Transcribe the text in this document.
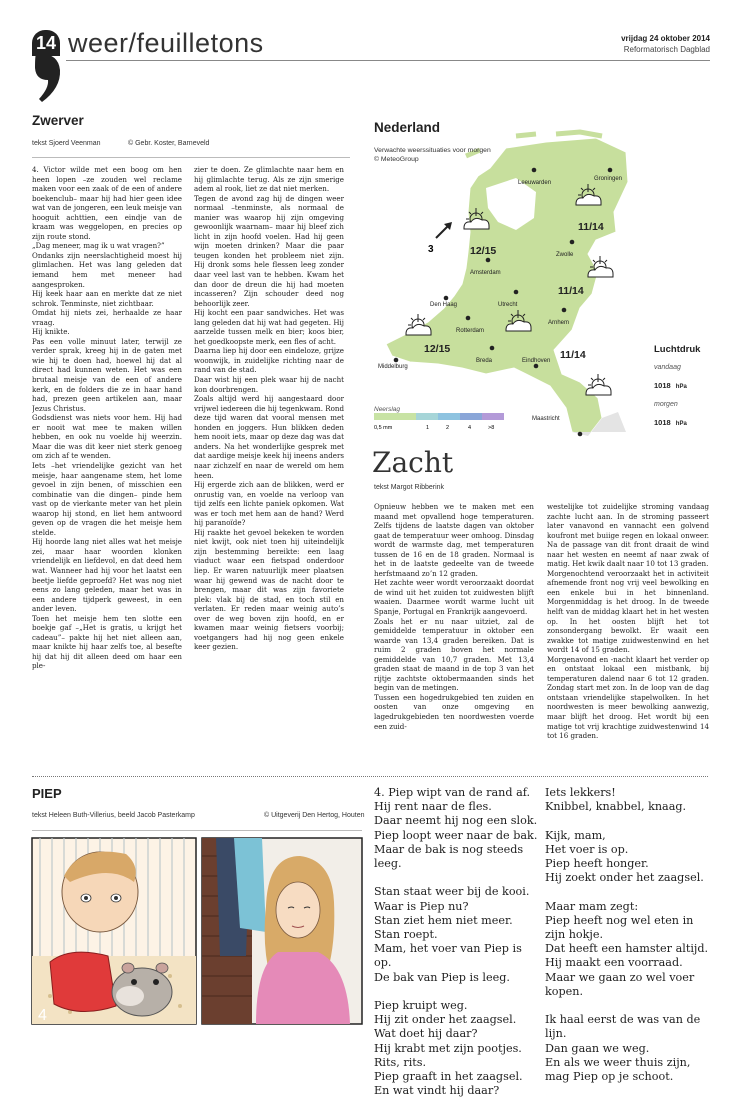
14 weer/feuilletons	vrijdag 24 oktober 2014
Reformatorisch Dagblad
Zwerver
tekst Sjoerd Veenman	© Gebr. Koster, Barneveld
4. Victor wilde met een boog om hen heen lopen –ze zouden wel reclame maken voor een zaak of de een of andere boekenclub– maar hij had hier geen idee wat van de jongeren, een leuk meisje van hooguit achttien, een eindje van de kraam was weggelopen, en precies op zijn route stond.
„Dag meneer, mag ik u wat vragen?”
Ondanks zijn neerslachtigheid moest hij glimlachen. Het was lang geleden dat iemand hem met meneer had aangesproken.
Hij keek haar aan en merkte dat ze niet schrok. Tenminste, niet zichtbaar.
Omdat hij niets zei, herhaalde ze haar vraag.
Hij knikte.
Pas een volle minuut later, terwijl ze verder sprak, kreeg hij in de gaten met wie hij te doen had, hoewel hij dat al direct had kunnen weten. Het was een brutaal meisje van de een of andere kerk, en de folders die ze in haar hand had, prezen geen artikelen aan, maar Jezus Christus.
Godsdienst was niets voor hem. Hij had er nooit wat mee te maken willen hebben, en ook nu voelde hij weerzin. Maar die was dit keer niet sterk genoeg om zich af te wenden.
Iets –het vriendelijke gezicht van het meisje, haar aangename stem, het lome gevoel in zijn benen, of misschien een combinatie van die dingen– pinde hem vast op de vierkante meter van het plein waarop hij stond, en liet hem antwoord geven op de vragen die het meisje hem stelde.
Hij hoorde lang niet alles wat het meisje zei, maar haar woorden klonken vriendelijk en liefdevol, en dat deed hem wat. Wanneer had hij voor het laatst een beetje liefde geproefd? Het was nog niet eens zo lang geleden, maar het was in een andere tijdperk geweest, in een ander leven.
Toen het meisje hem ten slotte een boekje gaf –„Het is gratis, u krijgt het cadeau”– pakte hij het niet alleen aan, maar knikte hij haar zelfs toe, al besefte hij dat hij dit alleen deed om haar een ple-
zier te doen. Ze glimlachte naar hem en hij glimlachte terug. Als ze zijn smerige adem al rook, liet ze dat niet merken.
Tegen de avond zag hij de dingen weer normaal –tenminste, als normaal de manier was waarop hij zijn omgeving gewoonlijk waarnam– maar hij bleef zich licht in zijn hoofd voelen. Had hij geen wijn moeten drinken? Maar die paar teugen konden het probleem niet zijn. Hij dronk soms hele flessen leeg zonder daar veel last van te hebben. Kwam het dan door de dreun die hij had moeten incasseren? Zijn schouder deed nog behoorlijk zeer.
Hij kocht een paar sandwiches. Het was lang geleden dat hij wat had gegeten. Hij aarzelde tussen melk en bier; koos bier, het goedkoopste merk, een fles of acht.
Daarna liep hij door een eindeloze, grijze woonwijk, in zuidelijke richting naar de rand van de stad.
Daar wist hij een plek waar hij de nacht kon doorbrengen.
Zoals altijd werd hij aangestaard door vrijwel iedereen die hij tegenkwam. Rond deze tijd waren dat vooral mensen met honden en joggers. Hun blikken deden hem nooit iets, maar op deze dag was dat anders. Na het wonderlijke gesprek met dat aardige meisje keek hij ineens anders naar zichzelf en naar de wereld om hem heen.
Hij ergerde zich aan de blikken, werd er onrustig van, en voelde na verloop van tijd zelfs een lichte paniek opkomen. Wat was er toch met hem aan de hand? Werd hij paranoïde?
Hij raakte het gevoel bekeken te worden niet kwijt, ook niet toen hij uiteindelijk zijn bestemming bereikte: een laag viaduct waar een fietspad onderdoor liep. Er waren natuurlijk meer plaatsen waar hij gewend was de nacht door te brengen, maar dit was zijn favoriete plek: vlak bij de stad, en toch stil en verlaten. Er reden maar weinig auto’s over de weg boven zijn hoofd, en er kwamen maar weinig fietsers voorbij; voetgangers had hij nog geen enkele keer gezien.
0,5 mm	1	2	4	>8
Leeuwarden
Groningen
Zwolle
Amsterdam
Den Haag	Utrecht
Arnhem
Rotterdam
Breda
Middelburg
Eindhoven
Maastricht
11/14
12/15
11/14
12/15	11/14
3
Nederland
Verwachte weerssituaties voor morgen
© MeteoGroup
Neerslag
Luchtdruk
vandaag
1018 hPa
morgen
1018 hPa
Zacht
tekst Margot Ribberink
Opnieuw hebben we te maken met een maand met opvallend hoge temperaturen. Zelfs tijdens de laatste dagen van oktober gaat de temperatuur weer omhoog. Dinsdag wordt de warmste dag, met temperaturen tussen de 16 en de 18 graden. Normaal is het in de laatste gedeelte van de tweede herfstmaand zo’n 12 graden.
Het zachte weer wordt veroorzaakt doordat de wind uit het zuiden tot zuidwesten blijft waaien. Daarmee wordt warme lucht uit Spanje, Portugal en Frankrijk aangevoerd.
Zoals het er nu naar uitziet, zal de gemiddelde temperatuur in oktober een waarde van 13,4 graden bereiken. Dat is ruim 2 graden boven het normale gemiddelde van 10,7 graden. Met 13,4 graden staat de maand in de top 3 van het rijtje zachtste oktobermaanden sinds het begin van de metingen.
Tussen een hogedrukgebied ten zuiden en oosten van onze omgeving en lagedrukgebieden ten noordwesten voerde een zuid-
westelijke tot zuidelijke stroming vandaag zachte lucht aan. In de stroming passeert later vanavond en vannacht een golvend koufront met buiige regen en lokaal onweer. Na de passage van dit front draait de wind naar het westen en neemt af naar zwak of matig. Het kwik daalt naar 10 tot 13 graden.
Morgenochtend veroorzaakt het in activiteit afnemende front nog vrij veel bewolking en een enkele bui in het binnenland. Morgenmiddag is het droog. In de tweede helft van de middag klaart het in het westen op. In het oosten blijft het tot zonsondergang bewolkt. Er waait een zwakke tot matige zuidwestenwind en het wordt 14 of 15 graden.
Morgenavond en -nacht klaart het verder op en ontstaat lokaal een mistbank, bij temperaturen dalend naar 6 tot 12 graden. Zondag start met zon. In de loop van de dag ontstaan vriendelijke stapelwolken. In het noordwesten is meer bewolking aanwezig, maar blijft het droog. Het wordt bij een matige tot vrij krachtige zuidwestenwind 14 tot 16 graden.
PIEP
tekst Heleen Buth-Villerius, beeld Jacob Pasterkamp	© Uitgeverij Den Hertog, Houten
4
4. Piep wipt van de rand af.
Hij rent naar de fles.
Daar neemt hij nog een slok.
Piep loopt weer naar de bak.
Maar de bak is nog steeds leeg.

Stan staat weer bij de kooi.
Waar is Piep nu?
Stan ziet hem niet meer.
Stan roept.
Mam, het voer van Piep is op.
De bak van Piep is leeg.

Piep kruipt weg.
Hij zit onder het zaagsel.
Wat doet hij daar?
Hij krabt met zijn pootjes.
Rits, rits.
Piep graaft in het zaagsel.
En wat vindt hij daar?
Iets lekkers!
Knibbel, knabbel, knaag.

Kijk, mam,
Het voer is op.
Piep heeft honger.
Hij zoekt onder het zaagsel.

Maar mam zegt:
Piep heeft nog wel eten in zijn hokje.
Dat heeft een hamster altijd.
Hij maakt een voorraad.
Maar we gaan zo wel voer kopen.

Ik haal eerst de was van de lijn.
Dan gaan we weg.
En als we weer thuis zijn,
mag Piep op je schoot.
